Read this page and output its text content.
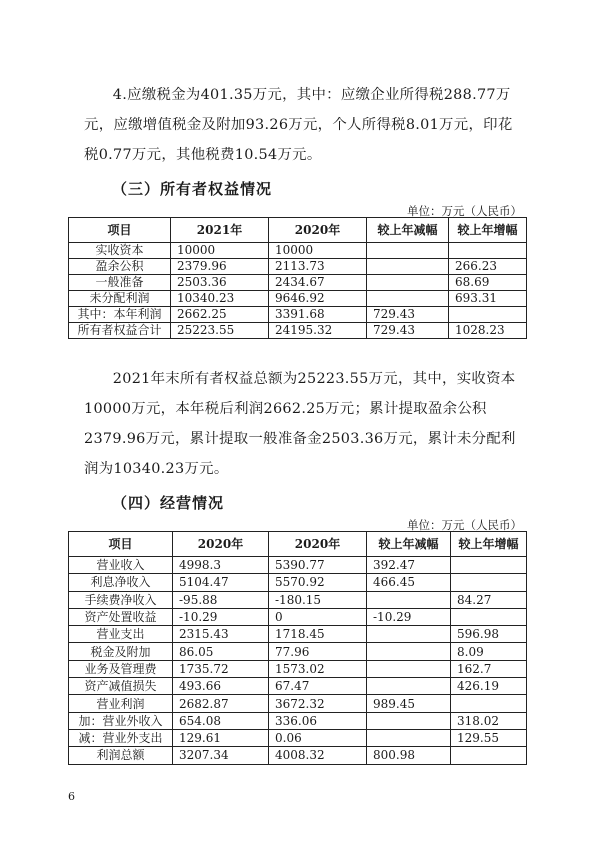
4.应缴税金为401.35万元，其中：应缴企业所得税288.77万元，应缴增值税金及附加93.26万元，个人所得税8.01万元，印花税0.77万元，其他税费10.54万元。

（三）所有者权益情况

单位：万元（人民币）

项目	2021年	2020年	较上年减幅	较上年增幅
实收资本	10000	10000		
盈余公积	2379.96	2113.73		266.23
一般准备	2503.36	2434.67		68.69
未分配利润	10340.23	9646.92		693.31
其中：本年利润	2662.25	3391.68	729.43	
所有者权益合计	25223.55	24195.32	729.43	1028.23

2021年末所有者权益总额为25223.55万元，其中，实收资本10000万元，本年税后利润2662.25万元；累计提取盈余公积2379.96万元，累计提取一般准备金2503.36万元，累计未分配利润为10340.23万元。

（四）经营情况

单位：万元（人民币）

项目	2020年	2020年	较上年减幅	较上年增幅
营业收入	4998.3	5390.77	392.47	
利息净收入	5104.47	5570.92	466.45	
手续费净收入	-95.88	-180.15		84.27
资产处置收益	-10.29	0	-10.29	
营业支出	2315.43	1718.45		596.98
税金及附加	86.05	77.96		8.09
业务及管理费	1735.72	1573.02		162.7
资产减值损失	493.66	67.47		426.19
营业利润	2682.87	3672.32	989.45	
加：营业外收入	654.08	336.06		318.02
减：营业外支出	129.61	0.06		129.55
利润总额	3207.34	4008.32	800.98	
6
